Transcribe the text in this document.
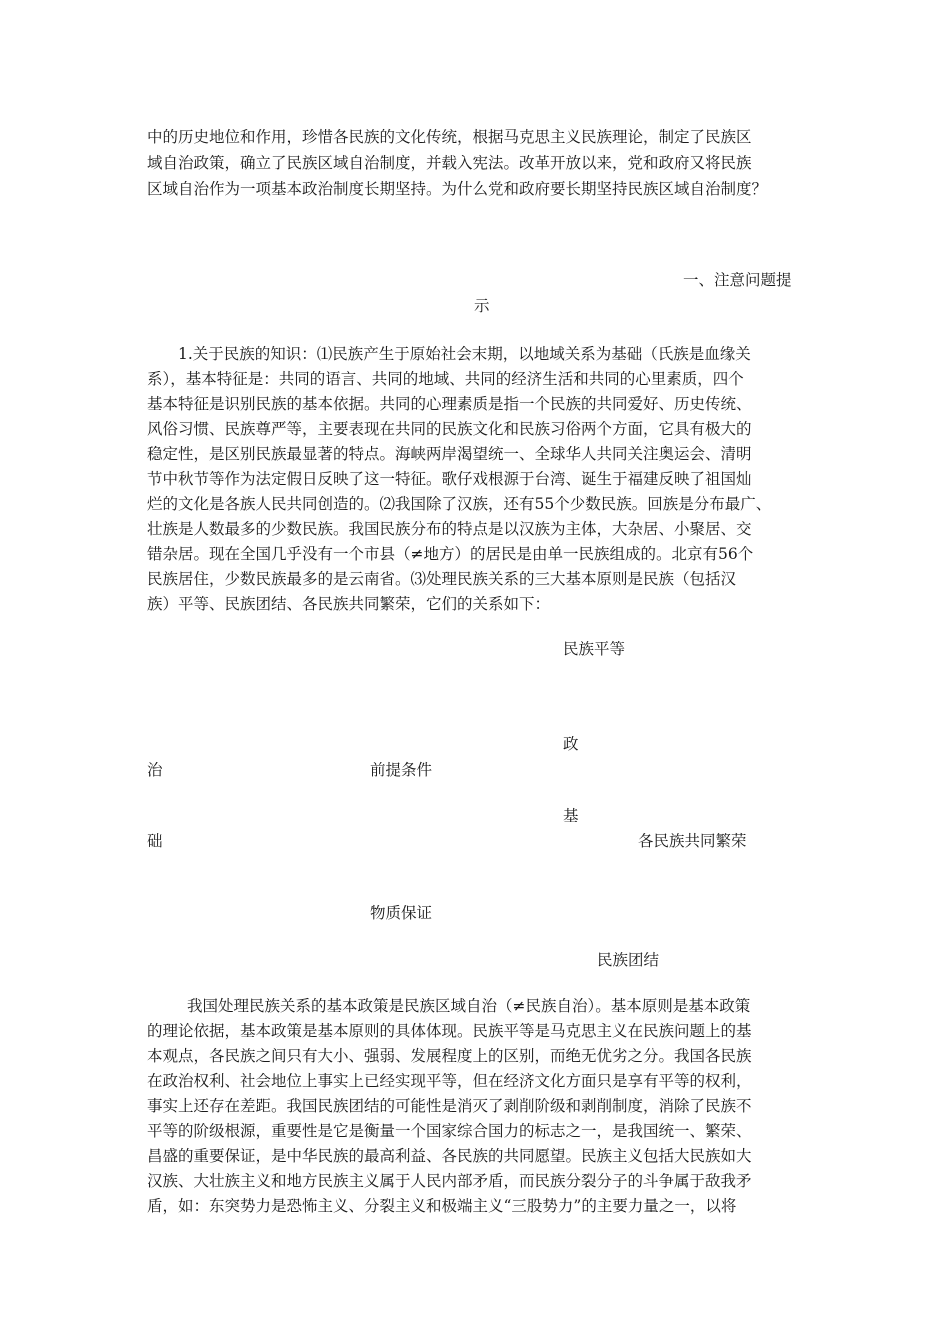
中的历史地位和作用，珍惜各民族的文化传统，根据马克思主义民族理论，制定了民族区
域自治政策，确立了民族区域自治制度，并载入宪法。改革开放以来，党和政府又将民族
区域自治作为一项基本政治制度长期坚持。为什么党和政府要长期坚持民族区域自治制度？
一、注意问题提
示
1.关于民族的知识：⑴民族产生于原始社会末期，以地域关系为基础（氏族是血缘关
系），基本特征是：共同的语言、共同的地域、共同的经济生活和共同的心里素质，四个
基本特征是识别民族的基本依据。共同的心理素质是指一个民族的共同爱好、历史传统、
风俗习惯、民族尊严等，主要表现在共同的民族文化和民族习俗两个方面，它具有极大的
稳定性，是区别民族最显著的特点。海峡两岸渴望统一、全球华人共同关注奥运会、清明
节中秋节等作为法定假日反映了这一特征。歌仔戏根源于台湾、诞生于福建反映了祖国灿
烂的文化是各族人民共同创造的。⑵我国除了汉族，还有55个少数民族。回族是分布最广、
壮族是人数最多的少数民族。我国民族分布的特点是以汉族为主体，大杂居、小聚居、交
错杂居。现在全国几乎没有一个市县（≠地方）的居民是由单一民族组成的。北京有56个
民族居住，少数民族最多的是云南省。⑶处理民族关系的三大基本原则是民族（包括汉
族）平等、民族团结、各民族共同繁荣，它们的关系如下：
民族平等
政
治	前提条件
基
础	各民族共同繁荣
物质保证
民族团结
我国处理民族关系的基本政策是民族区域自治（≠民族自治）。基本原则是基本政策
的理论依据，基本政策是基本原则的具体体现。民族平等是马克思主义在民族问题上的基
本观点，各民族之间只有大小、强弱、发展程度上的区别，而绝无优劣之分。我国各民族
在政治权利、社会地位上事实上已经实现平等，但在经济文化方面只是享有平等的权利，
事实上还存在差距。我国民族团结的可能性是消灭了剥削阶级和剥削制度，消除了民族不
平等的阶级根源，重要性是它是衡量一个国家综合国力的标志之一，是我国统一、繁荣、
昌盛的重要保证，是中华民族的最高利益、各民族的共同愿望。民族主义包括大民族如大
汉族、大壮族主义和地方民族主义属于人民内部矛盾，而民族分裂分子的斗争属于敌我矛
盾，如：东突势力是恐怖主义、分裂主义和极端主义“三股势力”的主要力量之一，以将
